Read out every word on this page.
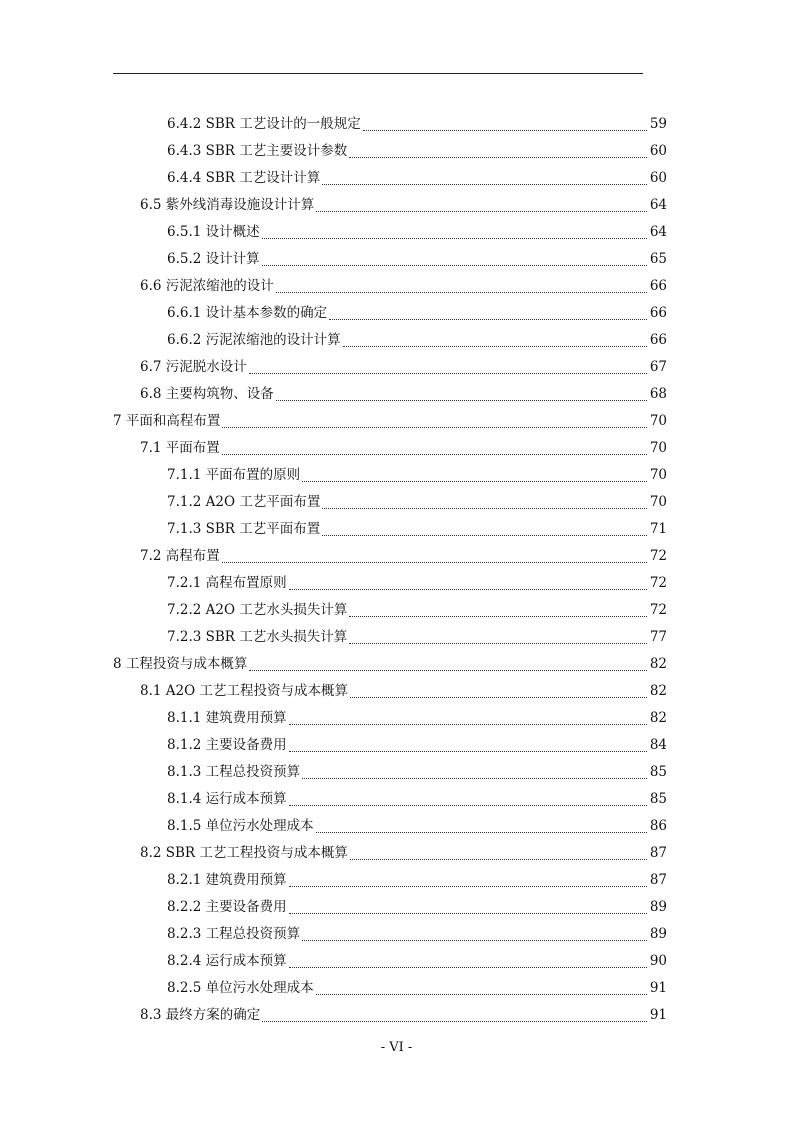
6.4.2 SBR 工艺设计的一般规定	59
6.4.3 SBR 工艺主要设计参数	60
6.4.4 SBR 工艺设计计算	60
6.5 紫外线消毒设施设计计算	64
6.5.1 设计概述	64
6.5.2 设计计算	65
6.6 污泥浓缩池的设计	66
6.6.1 设计基本参数的确定	66
6.6.2 污泥浓缩池的设计计算	66
6.7 污泥脱水设计	67
6.8 主要构筑物、设备	68
7 平面和高程布置	70
7.1 平面布置	70
7.1.1 平面布置的原则	70
7.1.2 A2O 工艺平面布置	70
7.1.3 SBR 工艺平面布置	71
7.2 高程布置	72
7.2.1 高程布置原则	72
7.2.2 A2O 工艺水头损失计算	72
7.2.3 SBR 工艺水头损失计算	77
8 工程投资与成本概算	82
8.1 A2O 工艺工程投资与成本概算	82
8.1.1 建筑费用预算	82
8.1.2 主要设备费用	84
8.1.3 工程总投资预算	85
8.1.4 运行成本预算	85
8.1.5 单位污水处理成本	86
8.2 SBR 工艺工程投资与成本概算	87
8.2.1 建筑费用预算	87
8.2.2 主要设备费用	89
8.2.3 工程总投资预算	89
8.2.4 运行成本预算	90
8.2.5 单位污水处理成本	91
8.3 最终方案的确定	91
- VI -
